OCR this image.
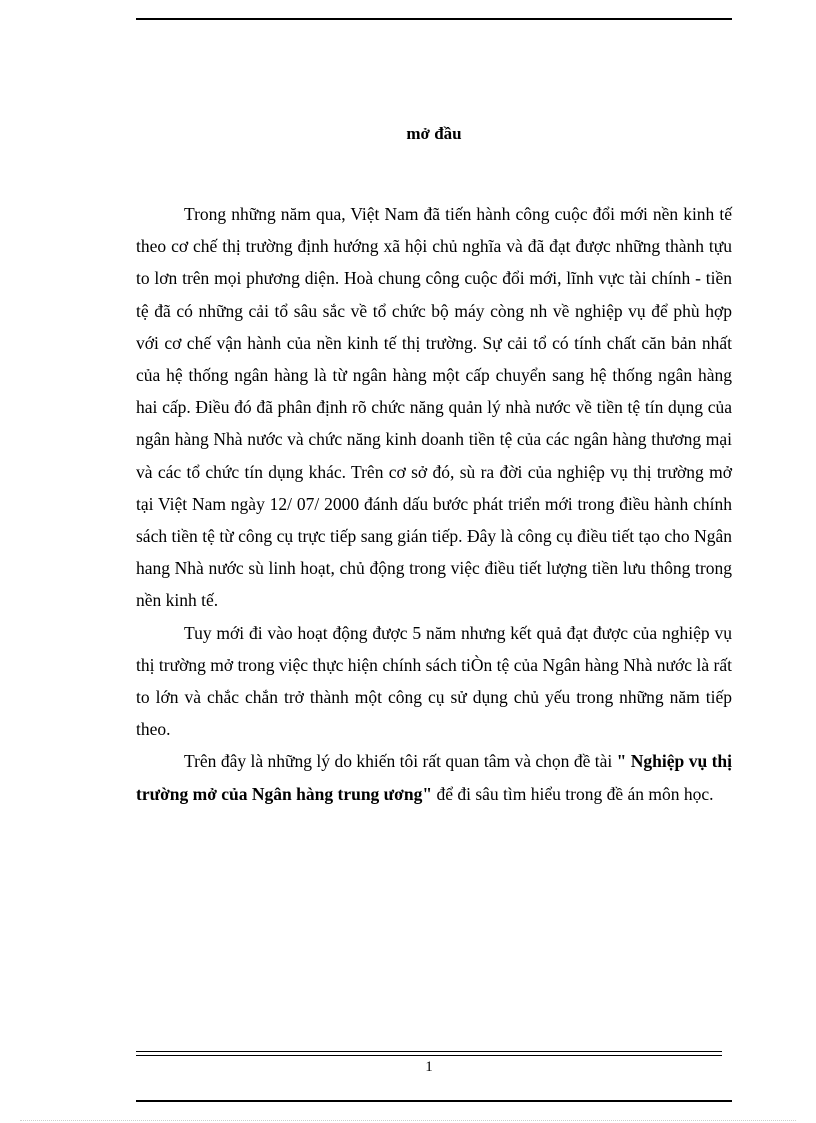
mở đầu

Trong những năm qua, Việt Nam đã tiến hành công cuộc đổi mới nền kinh tế theo cơ chế thị trường định hướng xã hội chủ nghĩa và đã đạt được những thành tựu to lơn trên mọi phương diện. Hoà chung công cuộc đổi mới, lĩnh vực tài chính - tiền tệ đã có những cải tổ sâu sắc về tổ chức bộ máy còng nh về nghiệp vụ để phù hợp với cơ chế vận hành của nền kinh tế thị trường. Sự cải tổ có tính chất căn bản nhất của hệ thống ngân hàng là từ ngân hàng một cấp chuyển sang hệ thống ngân hàng hai cấp. Điều đó đã phân định rõ chức năng quản lý nhà nước về tiền tệ tín dụng của ngân hàng Nhà nước và chức năng kinh doanh tiền tệ của các ngân hàng thương mại và các tổ chức tín dụng khác. Trên cơ sở đó, sù ra đời của nghiệp vụ thị trường mở tại Việt Nam ngày 12/ 07/ 2000 đánh dấu bước phát triển mới trong điều hành chính sách tiền tệ từ công cụ trực tiếp sang gián tiếp. Đây là công cụ điều tiết tạo cho Ngân hang Nhà nước sù linh hoạt, chủ động trong việc điều tiết lượng tiền lưu thông trong nền kinh tế.

Tuy mới đi vào hoạt động được 5 năm nhưng kết quả đạt được của nghiệp vụ thị trường mở trong việc thực hiện chính sách tiÒn tệ của Ngân hàng Nhà nước là rất to lớn và chắc chắn trở thành một công cụ sử dụng chủ yếu trong những năm tiếp theo.

Trên đây là những lý do khiến tôi rất quan tâm và chọn đề tài " Nghiệp vụ thị trường mở của Ngân hàng trung ương" để đi sâu tìm hiểu trong đề án môn học.

1
